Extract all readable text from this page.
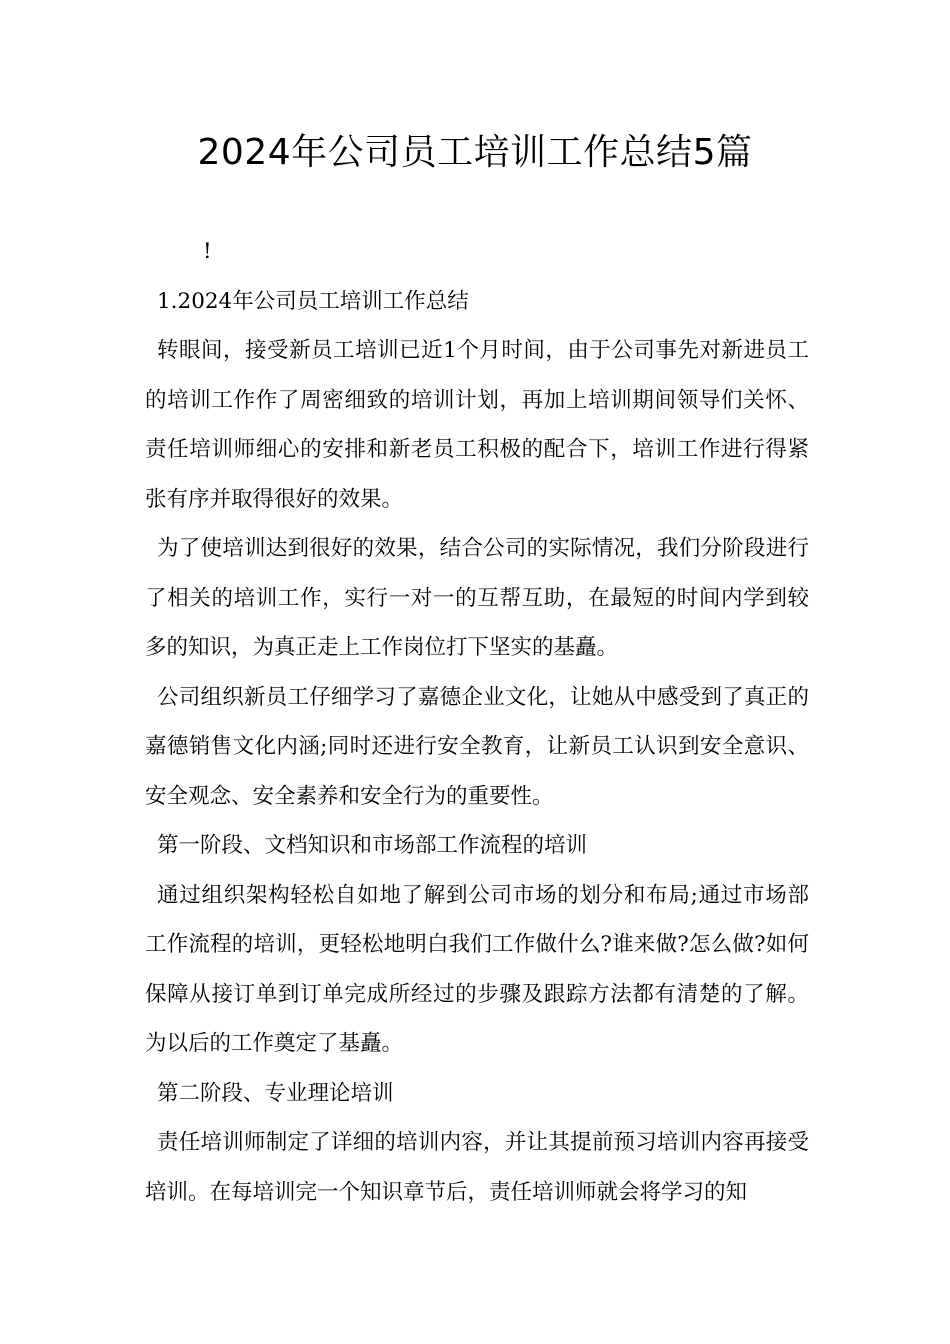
2024年公司员工培训工作总结5篇

!

1.2024年公司员工培训工作总结

转眼间，接受新员工培训已近1个月时间，由于公司事先对新进员工的培训工作作了周密细致的培训计划，再加上培训期间领导们关怀、责任培训师细心的安排和新老员工积极的配合下，培训工作进行得紧张有序并取得很好的效果。

为了使培训达到很好的效果，结合公司的实际情况，我们分阶段进行了相关的培训工作，实行一对一的互帮互助，在最短的时间内学到较多的知识，为真正走上工作岗位打下坚实的基矗。

公司组织新员工仔细学习了嘉德企业文化，让她从中感受到了真正的嘉德销售文化内涵;同时还进行安全教育，让新员工认识到安全意识、安全观念、安全素养和安全行为的重要性。

第一阶段、文档知识和市场部工作流程的培训

通过组织架构轻松自如地了解到公司市场的划分和布局;通过市场部工作流程的培训，更轻松地明白我们工作做什么?谁来做?怎么做?如何保障从接订单到订单完成所经过的步骤及跟踪方法都有清楚的了解。为以后的工作奠定了基矗。

第二阶段、专业理论培训

责任培训师制定了详细的培训内容，并让其提前预习培训内容再接受培训。在每培训完一个知识章节后，责任培训师就会将学习的知
